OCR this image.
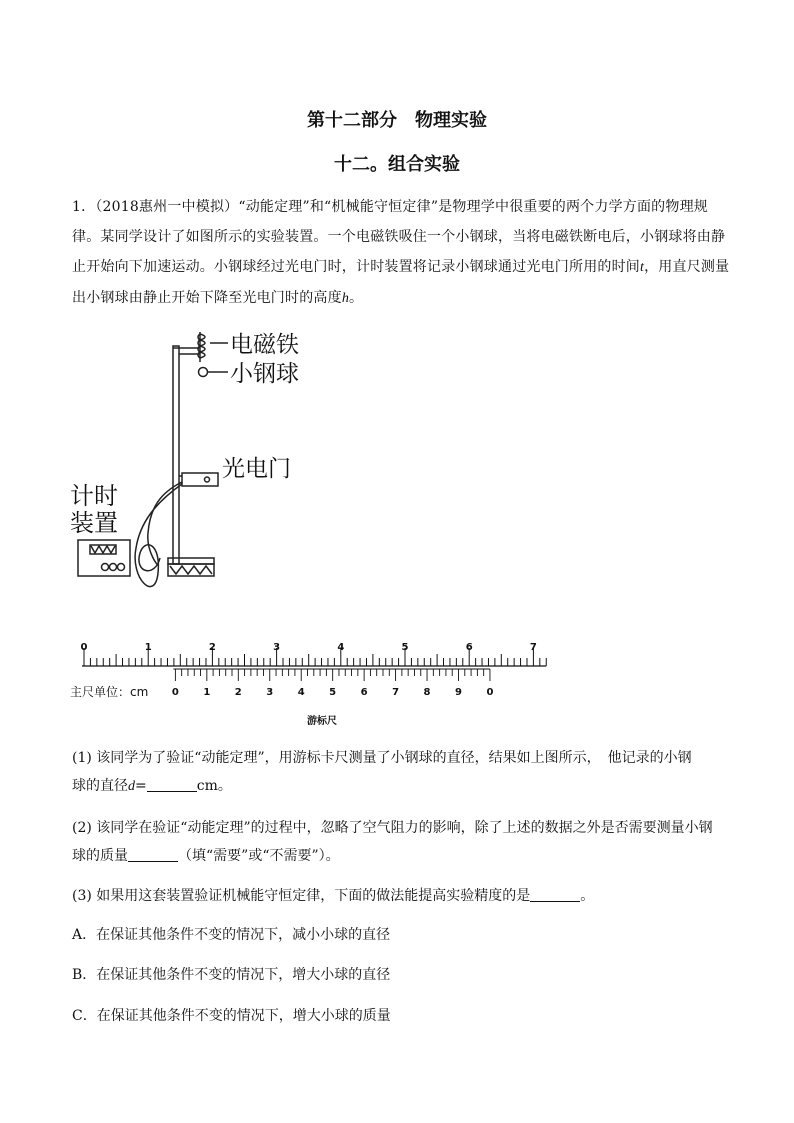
第十二部分　物理实验
十二。组合实验
1．（2018惠州一中模拟）“动能定理”和“机械能守恒定律”是物理学中很重要的两个力学方面的物理规
律。某同学设计了如图所示的实验装置。一个电磁铁吸住一个小钢球，当将电磁铁断电后，小钢球将由静
止开始向下加速运动。小钢球经过光电门时，计时装置将记录小钢球通过光电门所用的时间t，用直尺测量
出小钢球由静止开始下降至光电门时的高度h。
电磁铁
小钢球
光电门
计时
装置
0	1	2	3	4	5	6	7
0 1 2 3 4 5 6 7 8 9 0
主尺单位：cm
游标尺
(1) 该同学为了验证“动能定理”，用游标卡尺测量了小钢球的直径，结果如上图所示，　他记录的小钢
球的直径d=	cm。
(2) 该同学在验证“动能定理”的过程中，忽略了空气阻力的影响，除了上述的数据之外是否需要测量小钢
球的质量	（填“需要”或“不需要”）。
(3) 如果用这套装置验证机械能守恒定律，下面的做法能提高实验精度的是	。
A．在保证其他条件不变的情况下，减小小球的直径
B．在保证其他条件不变的情况下，增大小球的直径
C．在保证其他条件不变的情况下，增大小球的质量
